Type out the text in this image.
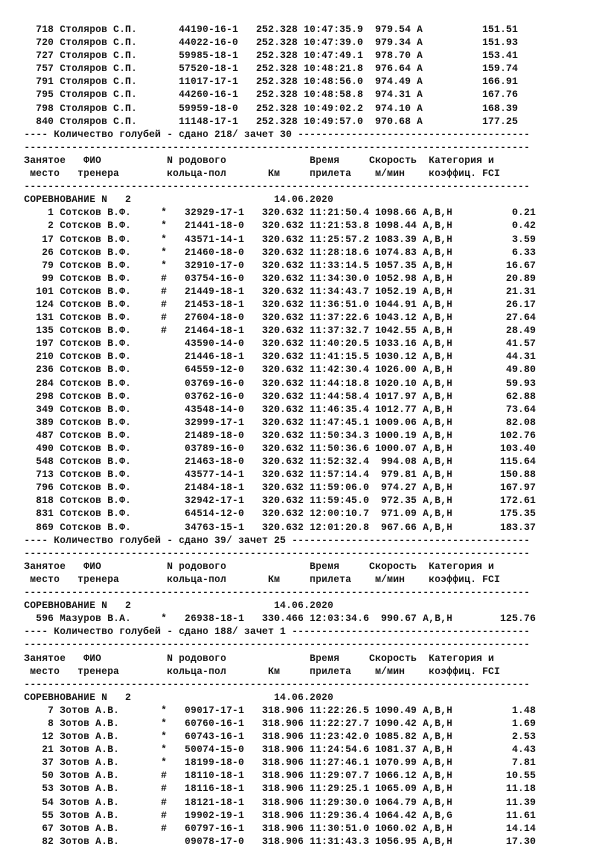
718 Столяров С.П.       44190-16-1   252.328 10:47:35.9  979.54 А          151.51
720 Столяров С.П.       44022-16-0   252.328 10:47:39.0  979.34 А          151.93
727 Столяров С.П.       59985-18-1   252.328 10:47:49.1  978.70 А          153.41
757 Столяров С.П.       57520-18-1   252.328 10:48:21.8  976.64 А          159.74
791 Столяров С.П.       11017-17-1   252.328 10:48:56.0  974.49 А          166.91
795 Столяров С.П.       44260-16-1   252.328 10:48:58.8  974.31 А          167.76
798 Столяров С.П.       59959-18-0   252.328 10:49:02.2  974.10 А          168.39
840 Столяров С.П.       11148-17-1   252.328 10:49:57.0  970.68 А          177.25
---- Количество голубей - сдано 218/ зачет 30 ---------------------------------------
-------------------------------------------------------------------------------------
Занятое   ФИО           N родового              Время     Скорость  Категория и
место   тренера        кольца-пол       Км     прилета    м/мин    коэффиц. FCI
-------------------------------------------------------------------------------------
СОРЕВНОВАНИЕ N   2                        14.06.2020
1 Сотсков В.Ф.     *   32929-17-1   320.632 11:21:50.4 1098.66 А,В,Н          0.21
2 Сотсков В.Ф.     *   21441-18-0   320.632 11:21:53.8 1098.44 А,В,Н          0.42
17 Сотсков В.Ф.     *   43571-14-1   320.632 11:25:57.2 1083.39 А,В,Н          3.59
26 Сотсков В.Ф.     *   21460-18-0   320.632 11:28:18.6 1074.83 А,В,Н          6.33
79 Сотсков В.Ф.     *   32910-17-0   320.632 11:33:14.5 1057.35 А,В,Н         16.67
99 Сотсков В.Ф.     #   03754-16-0   320.632 11:34:30.0 1052.98 А,В,Н         20.89
101 Сотсков В.Ф.     #   21449-18-1   320.632 11:34:43.7 1052.19 А,В,Н         21.31
124 Сотсков В.Ф.     #   21453-18-1   320.632 11:36:51.0 1044.91 А,В,Н         26.17
131 Сотсков В.Ф.     #   27604-18-0   320.632 11:37:22.6 1043.12 А,В,Н         27.64
135 Сотсков В.Ф.     #   21464-18-1   320.632 11:37:32.7 1042.55 А,В,Н         28.49
197 Сотсков В.Ф.         43590-14-0   320.632 11:40:20.5 1033.16 А,В,Н         41.57
210 Сотсков В.Ф.         21446-18-1   320.632 11:41:15.5 1030.12 А,В,Н         44.31
236 Сотсков В.Ф.         64559-12-0   320.632 11:42:30.4 1026.00 А,В,Н         49.80
284 Сотсков В.Ф.         03769-16-0   320.632 11:44:18.8 1020.10 А,В,Н         59.93
298 Сотсков В.Ф.         03762-16-0   320.632 11:44:58.4 1017.97 А,В,Н         62.88
349 Сотсков В.Ф.         43548-14-0   320.632 11:46:35.4 1012.77 А,В,Н         73.64
389 Сотсков В.Ф.         32999-17-1   320.632 11:47:45.1 1009.06 А,В,Н         82.08
487 Сотсков В.Ф.         21489-18-0   320.632 11:50:34.3 1000.19 А,В,Н        102.76
490 Сотсков В.Ф.         03789-16-0   320.632 11:50:36.6 1000.07 А,В,Н        103.40
548 Сотсков В.Ф.         21463-18-0   320.632 11:52:32.4  994.08 А,В,Н        115.64
713 Сотсков В.Ф.         43577-14-1   320.632 11:57:14.4  979.81 А,В,Н        150.88
796 Сотсков В.Ф.         21484-18-1   320.632 11:59:06.0  974.27 А,В,Н        167.97
818 Сотсков В.Ф.         32942-17-1   320.632 11:59:45.0  972.35 А,В,Н        172.61
831 Сотсков В.Ф.         64514-12-0   320.632 12:00:10.7  971.09 А,В,Н        175.35
869 Сотсков В.Ф.         34763-15-1   320.632 12:01:20.8  967.66 А,В,Н        183.37
---- Количество голубей - сдано 39/ зачет 25 ----------------------------------------
-------------------------------------------------------------------------------------
Занятое   ФИО           N родового              Время     Скорость  Категория и
место   тренера        кольца-пол       Км     прилета    м/мин    коэффиц. FCI
-------------------------------------------------------------------------------------
СОРЕВНОВАНИЕ N   2                        14.06.2020
596 Мазуров В.А.     *   26938-18-1   330.466 12:03:34.6  990.67 А,В,Н        125.76
---- Количество голубей - сдано 188/ зачет 1 ----------------------------------------
-------------------------------------------------------------------------------------
Занятое   ФИО           N родового              Время     Скорость  Категория и
место   тренера        кольца-пол       Км     прилета    м/мин    коэффиц. FCI
-------------------------------------------------------------------------------------
СОРЕВНОВАНИЕ N   2                        14.06.2020
7 Зотов А.В.       *   09017-17-1   318.906 11:22:26.5 1090.49 А,В,Н          1.48
8 Зотов А.В.       *   60760-16-1   318.906 11:22:27.7 1090.42 А,В,Н          1.69
12 Зотов А.В.       *   60743-16-1   318.906 11:23:42.0 1085.82 А,В,Н          2.53
21 Зотов А.В.       *   50074-15-0   318.906 11:24:54.6 1081.37 А,В,Н          4.43
37 Зотов А.В.       *   18199-18-0   318.906 11:27:46.1 1070.99 А,В,Н          7.81
50 Зотов А.В.       #   18110-18-1   318.906 11:29:07.7 1066.12 А,В,Н         10.55
53 Зотов А.В.       #   18116-18-1   318.906 11:29:25.1 1065.09 А,В,Н         11.18
54 Зотов А.В.       #   18121-18-1   318.906 11:29:30.0 1064.79 А,В,Н         11.39
55 Зотов А.В.       #   19902-19-1   318.906 11:29:36.4 1064.42 А,В,G         11.61
67 Зотов А.В.       #   60797-16-1   318.906 11:30:51.0 1060.02 А,В,Н         14.14
82 Зотов А.В.           09078-17-0   318.906 11:31:43.3 1056.95 А,В,Н         17.30
